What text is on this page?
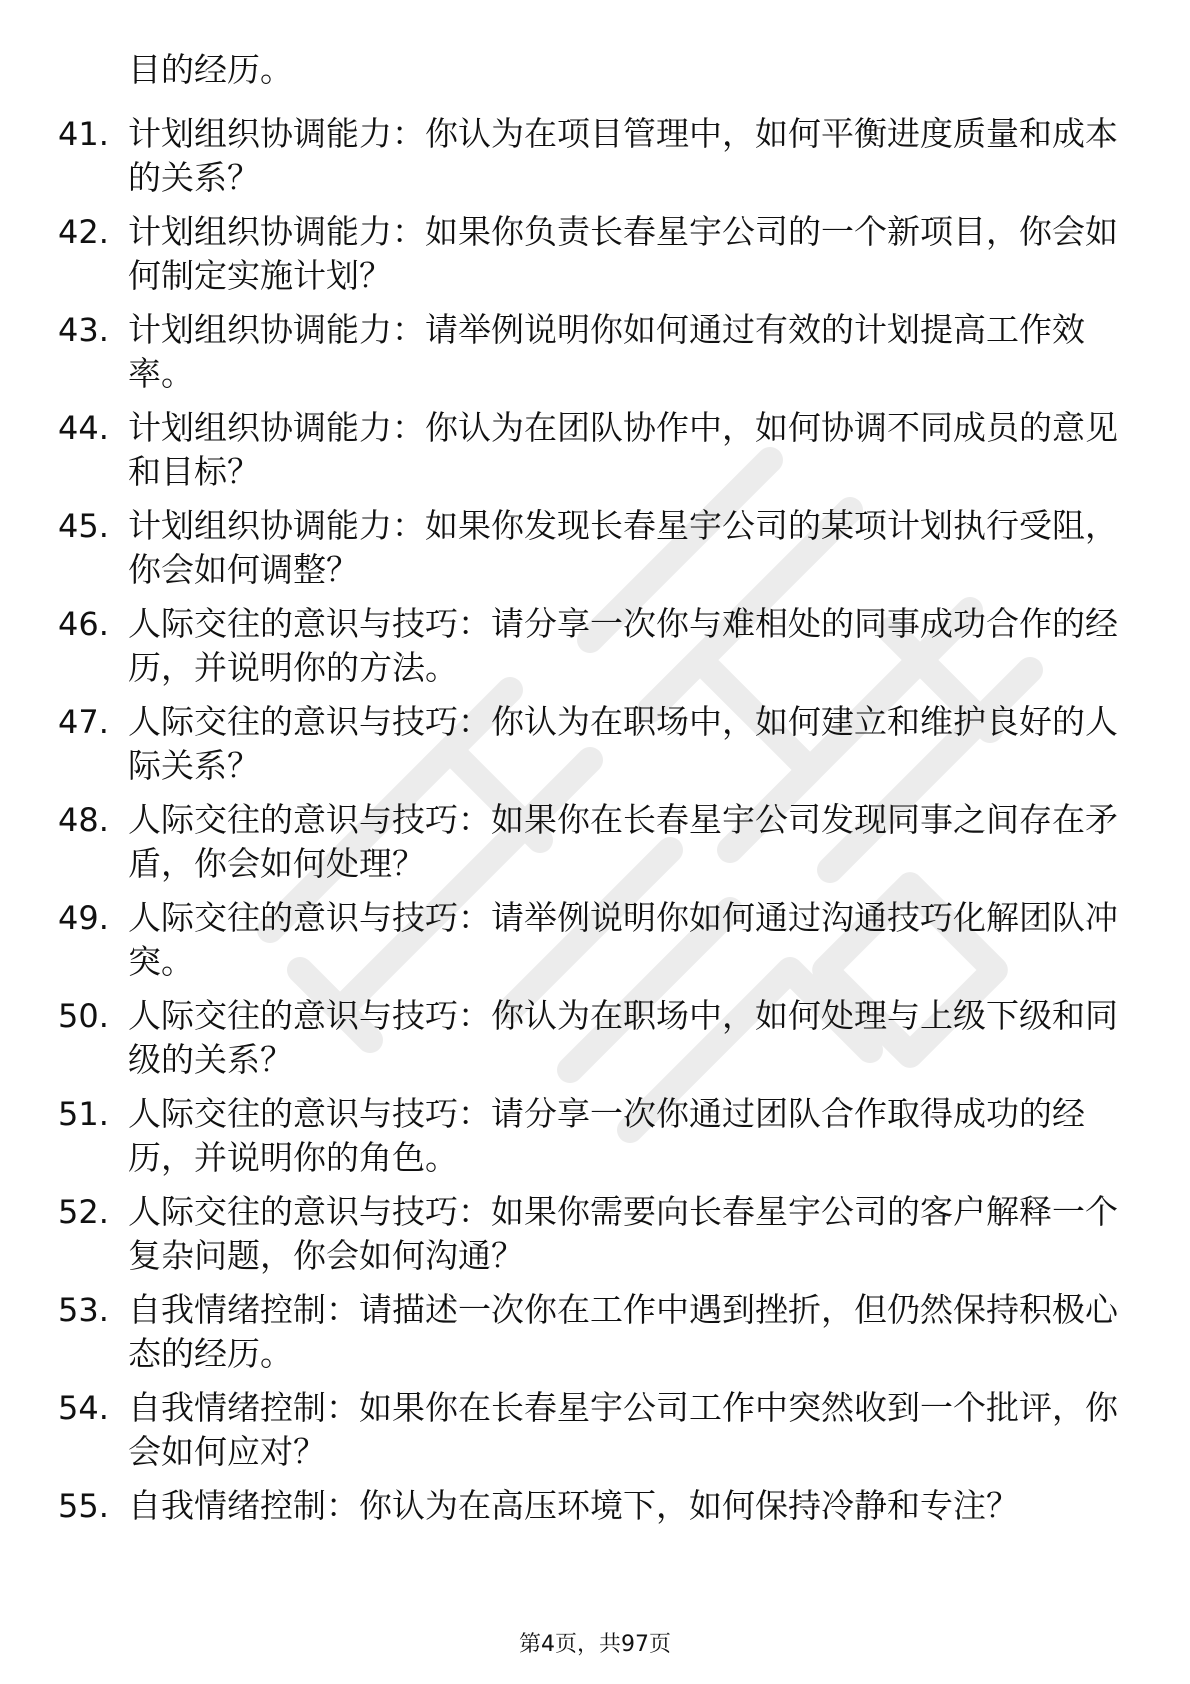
目的经历。
41. 计划组织协调能力：你认为在项目管理中，如何平衡进度质量和成本的关系？
42. 计划组织协调能力：如果你负责长春星宇公司的一个新项目，你会如何制定实施计划？
43. 计划组织协调能力：请举例说明你如何通过有效的计划提高工作效率。
44. 计划组织协调能力：你认为在团队协作中，如何协调不同成员的意见和目标？
45. 计划组织协调能力：如果你发现长春星宇公司的某项计划执行受阻，你会如何调整？
46. 人际交往的意识与技巧：请分享一次你与难相处的同事成功合作的经历，并说明你的方法。
47. 人际交往的意识与技巧：你认为在职场中，如何建立和维护良好的人际关系？
48. 人际交往的意识与技巧：如果你在长春星宇公司发现同事之间存在矛盾，你会如何处理？
49. 人际交往的意识与技巧：请举例说明你如何通过沟通技巧化解团队冲突。
50. 人际交往的意识与技巧：你认为在职场中，如何处理与上级下级和同级的关系？
51. 人际交往的意识与技巧：请分享一次你通过团队合作取得成功的经历，并说明你的角色。
52. 人际交往的意识与技巧：如果你需要向长春星宇公司的客户解释一个复杂问题，你会如何沟通？
53. 自我情绪控制：请描述一次你在工作中遇到挫折，但仍然保持积极心态的经历。
54. 自我情绪控制：如果你在长春星宇公司工作中突然收到一个批评，你会如何应对？
55. 自我情绪控制：你认为在高压环境下，如何保持冷静和专注？
第4页，共97页
